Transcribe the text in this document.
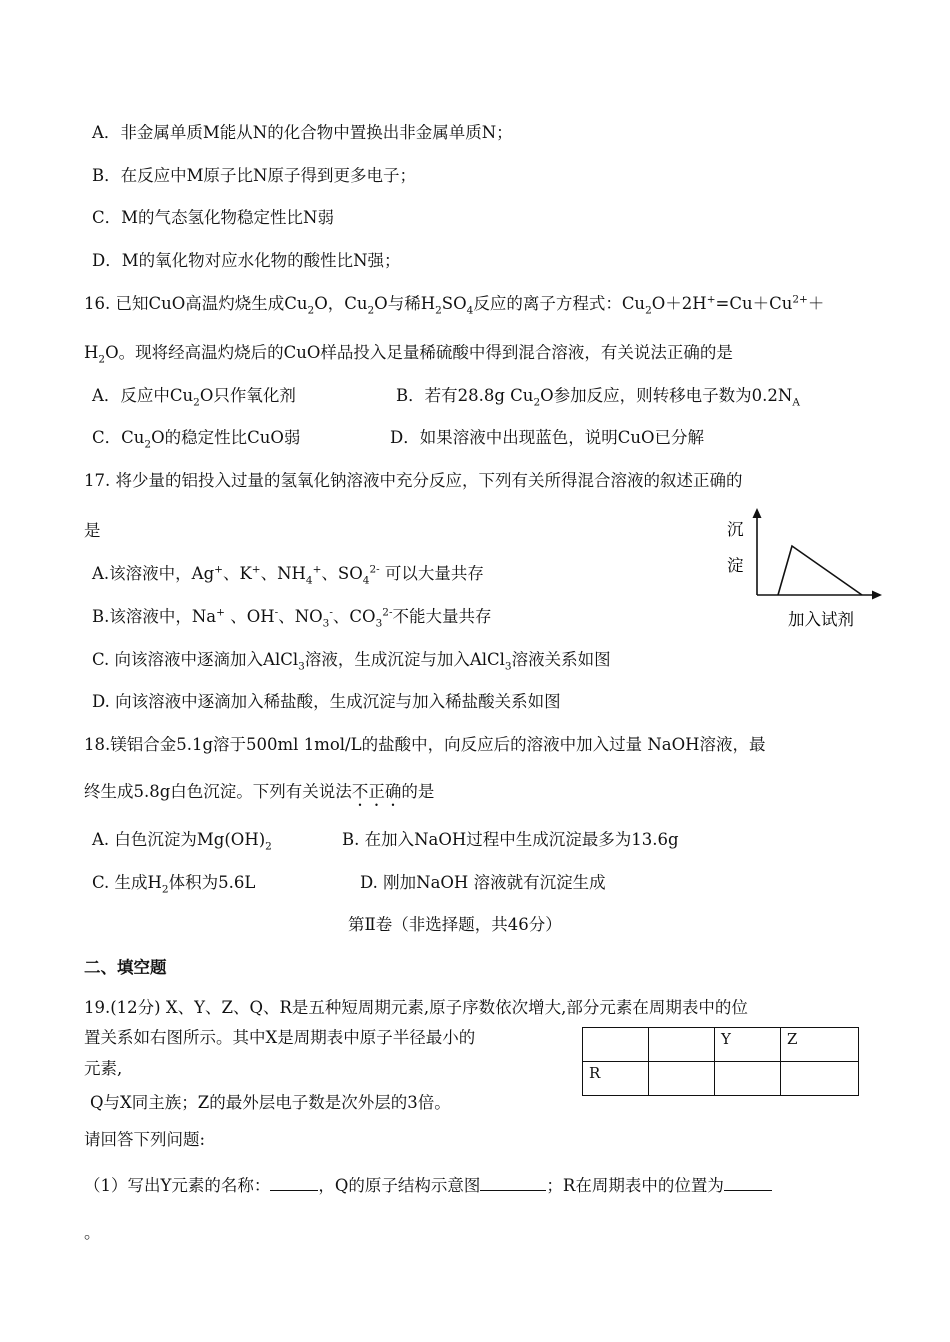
A．非金属单质M能从N的化合物中置换出非金属单质N；
B．在反应中M原子比N原子得到更多电子；
C．M的气态氢化物稳定性比N弱
D．M的氧化物对应水化物的酸性比N强；
16. 已知CuO高温灼烧生成$Cu_2O$，$Cu_2O$与稀$H_2SO_4$反应的离子方程式：$Cu_2O+2H^+=Cu+Cu^{2+}+$
$H_2O$。现将经高温灼烧后的CuO样品投入足量稀硫酸中得到混合溶液，有关说法正确的是
A．反应中$Cu_2O$只作氧化剂	B．若有28.8g $Cu_2O$参加反应，则转移电子数为$0.2N_A$
C．$Cu_2O$的稳定性比CuO弱	D．如果溶液中出现蓝色，说明CuO已分解
17. 将少量的铝投入过量的氢氧化钠溶液中充分反应，下列有关所得混合溶液的叙述正确的
是
A.该溶液中，Ag+、K+、$NH_4^+$、$SO_4^{2-}$ 可以大量共存
B.该溶液中，Na+ 、OH-、$NO_3^-$、$CO_3^{2-}$不能大量共存
C. 向该溶液中逐滴加入AlCl$_3$溶液，生成沉淀与加入AlCl$_3$溶液关系如图
D. 向该溶液中逐滴加入稀盐酸，生成沉淀与加入稀盐酸关系如图
沉
淀
加入试剂
18.镁铝合金5.1g溶于500ml 1mol/L的盐酸中，向反应后的溶液中加入过量 NaOH溶液，最
终生成5.8g白色沉淀。下列有关说法不正确的是
A. 白色沉淀为$Mg(OH)_2$	B. 在加入NaOH过程中生成沉淀最多为13.6g
C. 生成$H_2$体积为5.6L	D. 刚加NaOH 溶液就有沉淀生成
第Ⅱ卷（非选择题，共46分）
二、填空题
19.(12分) X、Y、Z、Q、R是五种短周期元素,原子序数依次增大,部分元素在周期表中的位
置关系如右图所示。其中X是周期表中原子半径最小的
元素,
Q与X同主族；Z的最外层电子数是次外层的3倍。
请回答下列问题:
		Y	Z
R			
（1）写出Y元素的名称：	，Q的原子结构示意图	；R在周期表中的位置为
。
